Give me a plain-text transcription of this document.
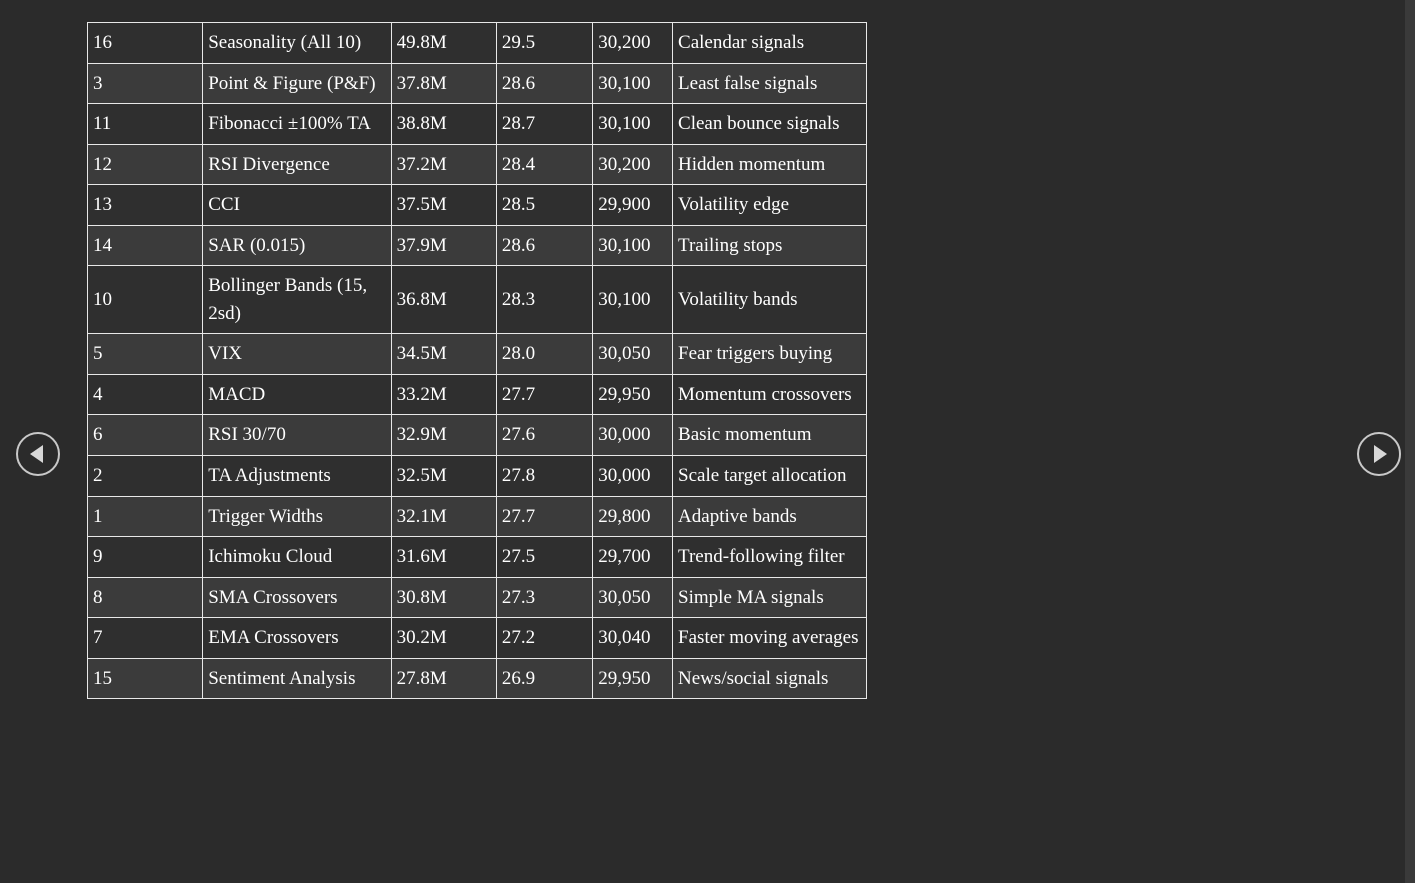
16	Seasonality (All 10)	49.8M	29.5	30,200	Calendar signals
3	Point & Figure (P&F)	37.8M	28.6	30,100	Least false signals
11	Fibonacci ±100% TA	38.8M	28.7	30,100	Clean bounce signals
12	RSI Divergence	37.2M	28.4	30,200	Hidden momentum
13	CCI	37.5M	28.5	29,900	Volatility edge
14	SAR (0.015)	37.9M	28.6	30,100	Trailing stops
10	Bollinger Bands (15, 2sd)	36.8M	28.3	30,100	Volatility bands
5	VIX	34.5M	28.0	30,050	Fear triggers buying
4	MACD	33.2M	27.7	29,950	Momentum crossovers
6	RSI 30/70	32.9M	27.6	30,000	Basic momentum
2	TA Adjustments	32.5M	27.8	30,000	Scale target allocation
1	Trigger Widths	32.1M	27.7	29,800	Adaptive bands
9	Ichimoku Cloud	31.6M	27.5	29,700	Trend-following filter
8	SMA Crossovers	30.8M	27.3	30,050	Simple MA signals
7	EMA Crossovers	30.2M	27.2	30,040	Faster moving averages
15	Sentiment Analysis	27.8M	26.9	29,950	News/social signals
